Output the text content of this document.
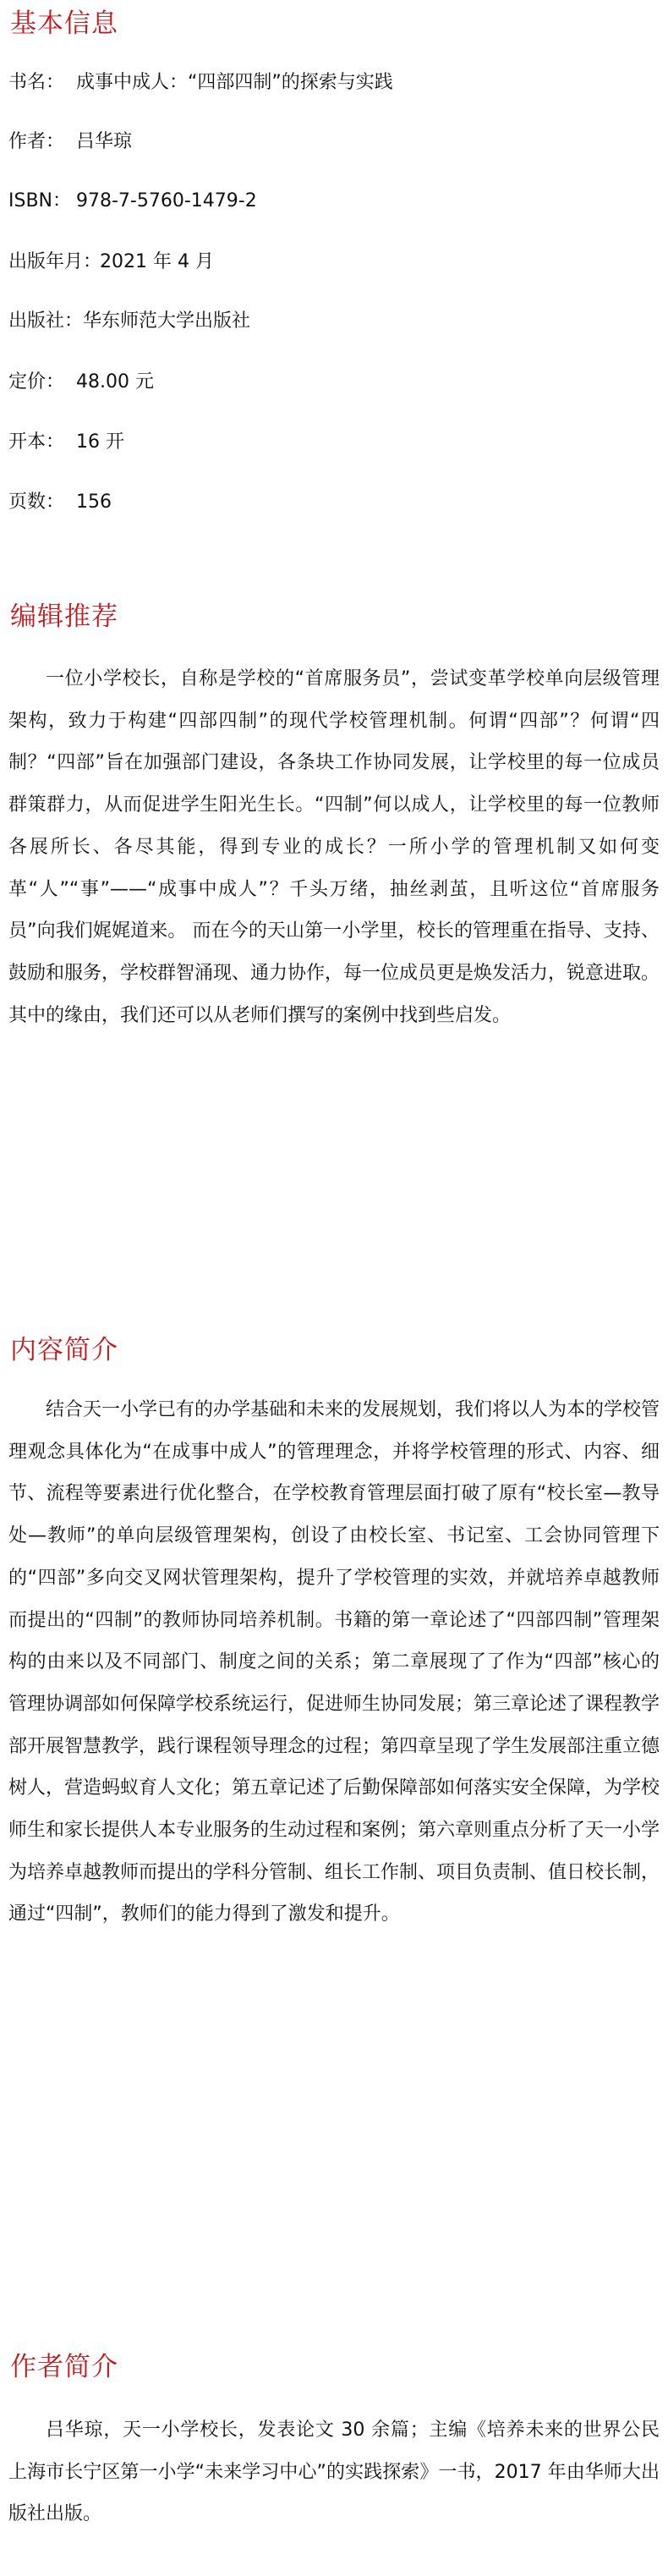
基本信息
书名： 成事中成人：“四部四制”的探索与实践
作者： 吕华琼
ISBN： 978-7-5760-1479-2
出版年月：2021 年 4 月
出版社：华东师范大学出版社
定价： 48.00 元
开本： 16 开
页数： 156
编辑推荐

一位小学校长，自称是学校的“首席服务员”，尝试变革学校单向层级管理架构，致力于构建“四部四制”的现代学校管理机制。何谓“四部”？何谓“四制？“四部”旨在加强部门建设，各条块工作协同发展，让学校里的每一位成员群策群力，从而促进学生阳光生长。“四制”何以成人，让学校里的每一位教师各展所长、各尽其能，得到专业的成长？一所小学的管理机制又如何变革“人”“事”——“成事中成人”？千头万绪，抽丝剥茧，且听这位“首席服务员”向我们娓娓道来。 而在今的天山第一小学里，校长的管理重在指导、支持、鼓励和服务，学校群智涌现、通力协作，每一位成员更是焕发活力，锐意进取。其中的缘由，我们还可以从老师们撰写的案例中找到些启发。

内容简介

结合天一小学已有的办学基础和未来的发展规划，我们将以人为本的学校管理观念具体化为“在成事中成人”的管理理念，并将学校管理的形式、内容、细节、流程等要素进行优化整合，在学校教育管理层面打破了原有“校长室—教导处—教师”的单向层级管理架构，创设了由校长室、书记室、工会协同管理下的“四部”多向交叉网状管理架构，提升了学校管理的实效，并就培养卓越教师而提出的“四制”的教师协同培养机制。书籍的第一章论述了“四部四制”管理架构的由来以及不同部门、制度之间的关系；第二章展现了了作为“四部”核心的管理协调部如何保障学校系统运行，促进师生协同发展；第三章论述了课程教学部开展智慧教学，践行课程领导理念的过程；第四章呈现了学生发展部注重立德树人，营造蚂蚁育人文化；第五章记述了后勤保障部如何落实安全保障，为学校师生和家长提供人本专业服务的生动过程和案例；第六章则重点分析了天一小学为培养卓越教师而提出的学科分管制、组长工作制、项目负责制、值日校长制，通过“四制”，教师们的能力得到了激发和提升。

作者简介

吕华琼，天一小学校长，发表论文 30 余篇；主编《培养未来的世界公民 上海市长宁区第一小学“未来学习中心”的实践探索》一书，2017 年由华师大出版社出版。
